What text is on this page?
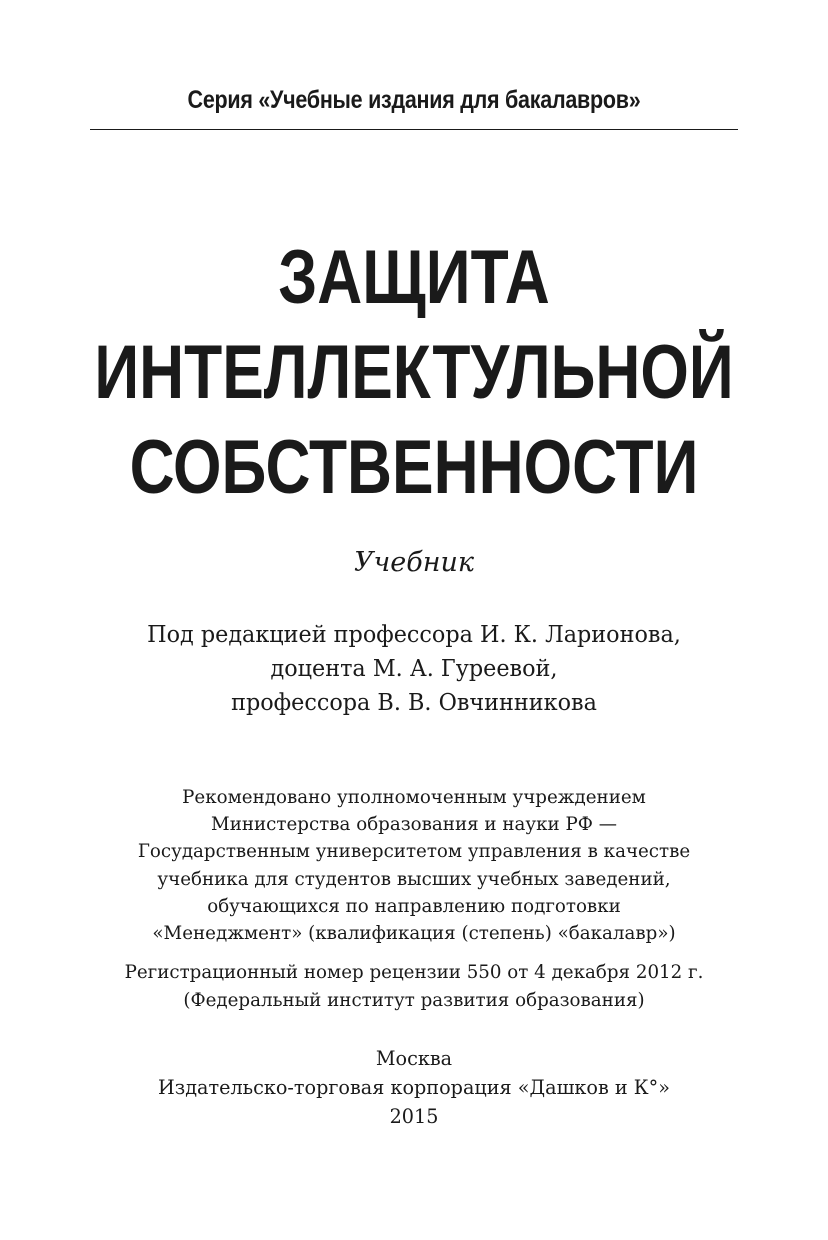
Серия «Учебные издания для бакалавров»
ЗАЩИТА
ИНТЕЛЛЕКТУЛЬНОЙ
СОБСТВЕННОСТИ
Учебник
Под редакцией профессора И. К. Ларионова,
доцента М. А. Гуреевой,
профессора В. В. Овчинникова
Рекомендовано уполномоченным учреждением
Министерства образования и науки РФ —
Государственным университетом управления в качестве
учебника для студентов высших учебных заведений,
обучающихся по направлению подготовки
«Менеджмент» (квалификация (степень) «бакалавр»)
Регистрационный номер рецензии 550 от 4 декабря 2012 г.
(Федеральный институт развития образования)
Москва
Издательско-торговая корпорация «Дашков и К°»
2015
